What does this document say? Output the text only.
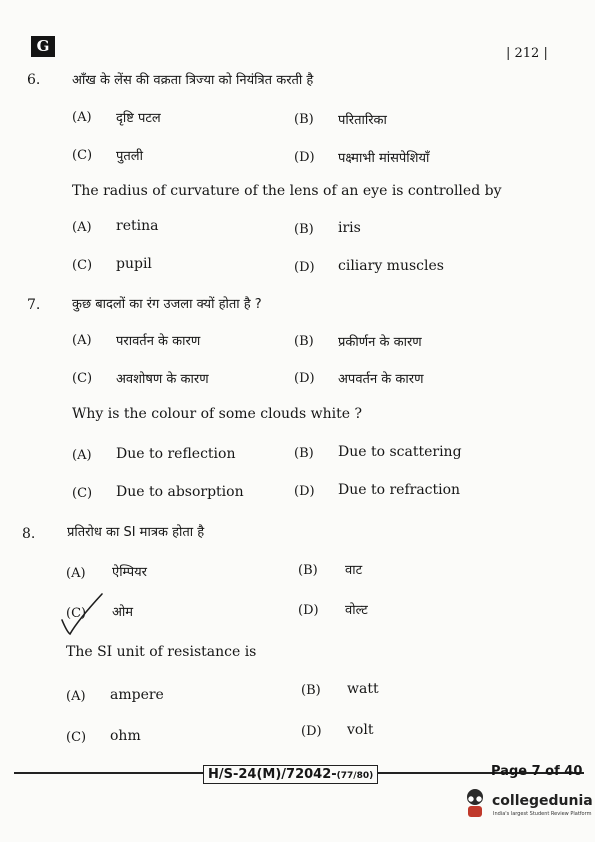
G	| 212 |
6. आँख के लेंस की वक्रता त्रिज्या को नियंत्रित करती है
(A) दृष्टि पटल	(B) परितारिका
(C) पुतली	(D) पक्ष्माभी मांसपेशियाँ
The radius of curvature of the lens of an eye is controlled by
(A) retina	(B) iris
(C) pupil	(D) ciliary muscles
7. कुछ बादलों का रंग उजला क्यों होता है ?
(A) परावर्तन के कारण	(B) प्रकीर्णन के कारण
(C) अवशोषण के कारण	(D) अपवर्तन के कारण
Why is the colour of some clouds white ?
(A) Due to reflection	(B) Due to scattering
(C) Due to absorption	(D) Due to refraction
8. प्रतिरोध का SI मात्रक होता है
(A) ऐम्पियर	(B) वाट
(C) ओम	(D) वोल्ट
The SI unit of resistance is
(A) ampere	(B) watt
(C) ohm	(D) volt
H/S-24(M)/72042-(77/80)	Page 7 of 40
collegedunia
India's largest Student Review Platform
